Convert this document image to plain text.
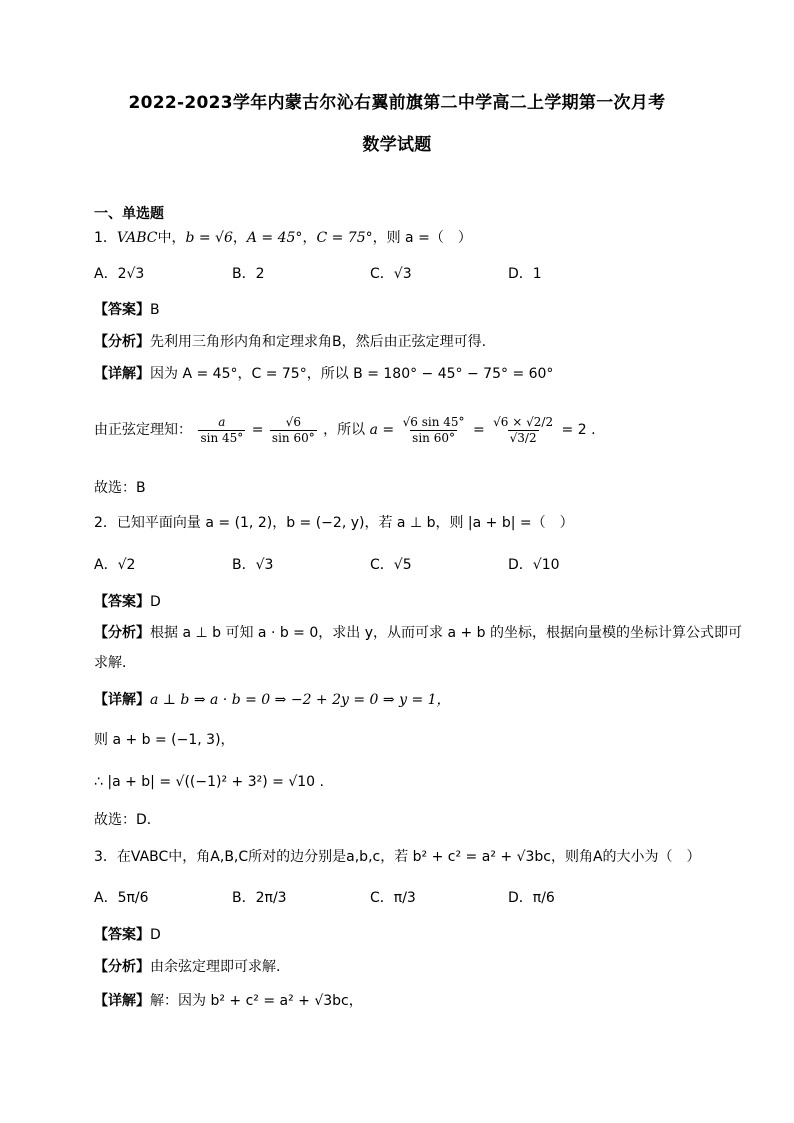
2022-2023学年内蒙古尔沁右翼前旗第二中学高二上学期第一次月考
数学试题
一、单选题
1．VABC中，b = √6，A = 45°，C = 75°，则 a =（　）
A．2√3	B．2	C．√3	D．1
【答案】B
【分析】先利用三角形内角和定理求角B，然后由正弦定理可得.
【详解】因为 A = 45°，C = 75°，所以 B = 180° − 45° − 75° = 60°
由正弦定理知： $\frac{a}{\sin 45^\circ} = \frac{√6}{\sin 60^\circ}$ ，所以 $a = \frac{√6 \sin 45^\circ}{\sin 60^\circ} = \frac{√6 \times √2/2}{√3/2} = 2$ .
故选：B
2．已知平面向量 a = (1, 2)，b = (−2, y)，若 a ⊥ b，则 |a + b| =（　）
A．√2	B．√3	C．√5	D．√10
【答案】D
【分析】根据 a ⊥ b 可知 a · b = 0，求出 y，从而可求 a + b 的坐标，根据向量模的坐标计算公式即可
求解．
【详解】a ⊥ b ⇒ a · b = 0 ⇒ −2 + 2y = 0 ⇒ y = 1，
则 a + b = (−1, 3)，
∴ |a + b| = √((−1)² + 3²) = √10 .
故选：D．
3．在VABC中，角A,B,C所对的边分别是a,b,c，若 b² + c² = a² + √3bc，则角A的大小为（　）
A．5π/6	B．2π/3	C．π/3	D．π/6
【答案】D
【分析】由余弦定理即可求解.
【详解】解：因为 b² + c² = a² + √3bc，
